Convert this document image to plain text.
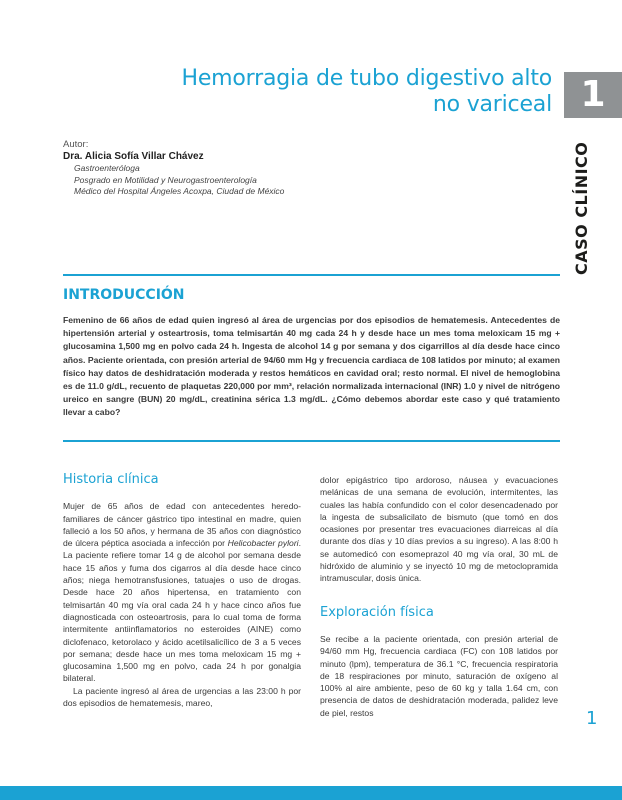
1
CASO CLÍNICO
Hemorragia de tubo digestivo alto
no variceal
Autor:
Dra. Alicia Sofía Villar Chávez
Gastroenteróloga
Posgrado en Motilidad y Neurogastroenterología
Médico del Hospital Ángeles Acoxpa, Ciudad de México
INTRODUCCIÓN

Femenino de 66 años de edad quien ingresó al área de urgencias por dos episodios de hematemesis. Antecedentes de hipertensión arterial y osteartrosis, toma telmisartán 40 mg cada 24 h y desde hace un mes toma meloxicam 15 mg + glucosamina 1,500 mg en polvo cada 24 h. Ingesta de alcohol 14 g por semana y dos cigarrillos al día desde hace cinco años. Paciente orientada, con presión arterial de 94/60 mm Hg y frecuencia cardiaca de 108 latidos por minuto; al examen físico hay datos de deshidratación moderada y restos hemáticos en cavidad oral; resto normal. El nivel de hemoglobina es de 11.0 g/dL, recuento de plaquetas 220,000 por mm³, relación normalizada internacional (INR) 1.0 y nivel de nitrógeno ureico en sangre (BUN) 20 mg/dL, creatinina sérica 1.3 mg/dL. ¿Cómo debemos abordar este caso y qué tratamiento llevar a cabo?

Historia clínica

Mujer de 65 años de edad con antecedentes heredo-familiares de cáncer gástrico tipo intestinal en madre, quien falleció a los 50 años, y hermana de 35 años con diagnóstico de úlcera péptica asociada a infección por Helicobacter pylori. La paciente refiere tomar 14 g de alcohol por semana desde hace 15 años y fuma dos cigarros al día desde hace cinco años; niega hemotransfusiones, tatuajes o uso de drogas. Desde hace 20 años hipertensa, en tratamiento con telmisartán 40 mg vía oral cada 24 h y hace cinco años fue diagnosticada con osteoartrosis, para lo cual toma de forma intermitente antiinflamatorios no esteroides (AINE) como diclofenaco, ketorolaco y ácido acetilsalicílico de 3 a 5 veces por semana; desde hace un mes toma meloxicam 15 mg + glucosamina 1,500 mg en polvo, cada 24 h por gonalgia bilateral.

La paciente ingresó al área de urgencias a las 23:00 h por dos episodios de hematemesis, mareo,

dolor epigástrico tipo ardoroso, náusea y evacuaciones melánicas de una semana de evolución, intermitentes, las cuales las había confundido con el color desencadenado por la ingesta de subsalicilato de bismuto (que tomó en dos ocasiones por presentar tres evacuaciones diarreicas al día durante dos días y 10 días previos a su ingreso). A las 8:00 h se automedicó con esomeprazol 40 mg vía oral, 30 mL de hidróxido de aluminio y se inyectó 10 mg de metoclopramida intramuscular, dosis única.

Exploración física

Se recibe a la paciente orientada, con presión arterial de 94/60 mm Hg, frecuencia cardiaca (FC) con 108 latidos por minuto (lpm), temperatura de 36.1 °C, frecuencia respiratoria de 18 respiraciones por minuto, saturación de oxígeno al 100% al aire ambiente, peso de 60 kg y talla 1.64 cm, con presencia de datos de deshidratación moderada, palidez leve de piel, restos	1
